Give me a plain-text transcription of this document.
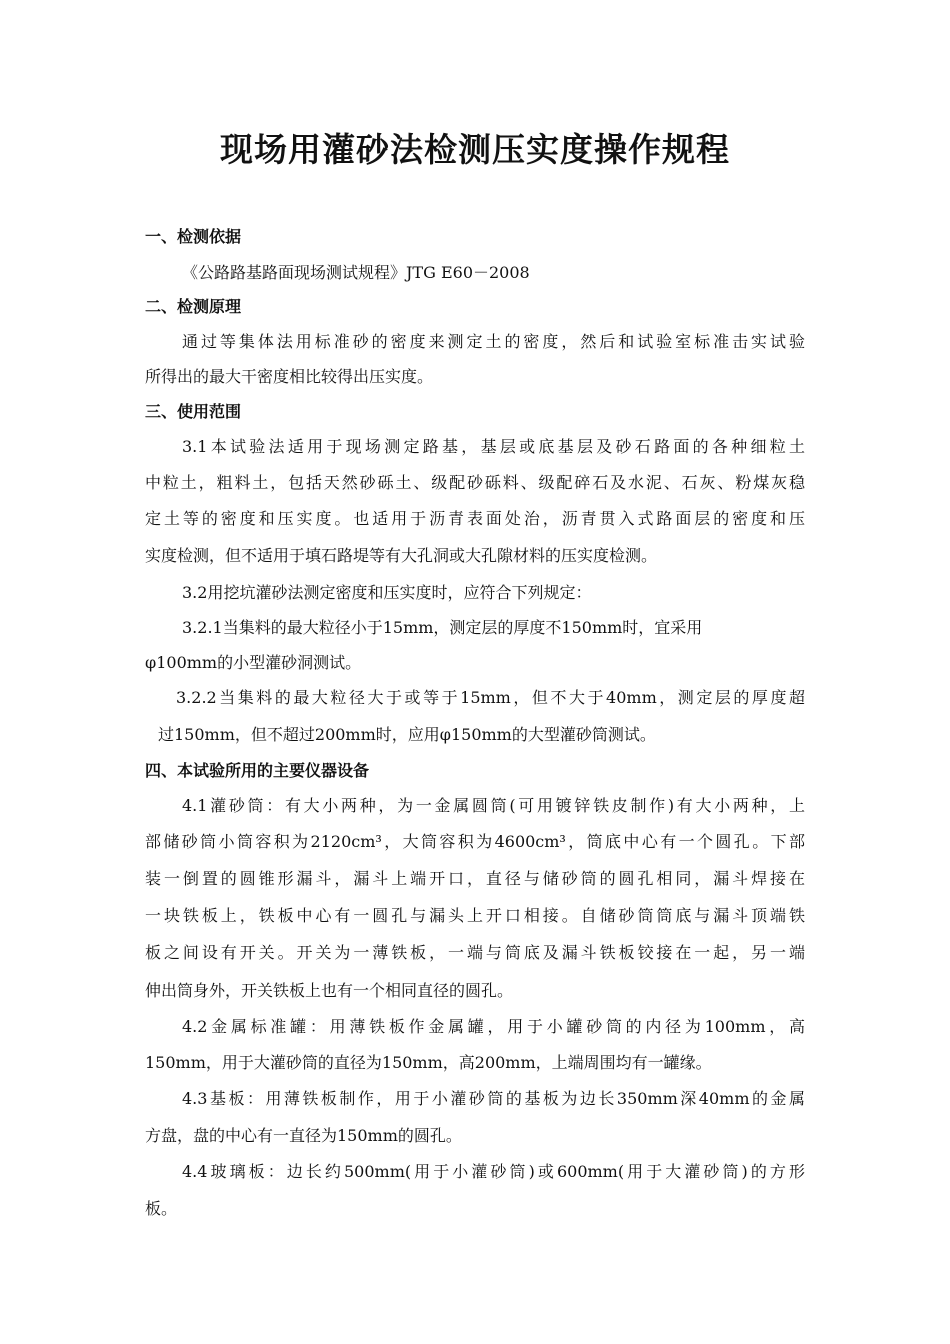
现场用灌砂法检测压实度操作规程
一、检测依据
《公路路基路面现场测试规程》JTG E60－2008
二、检测原理
通过等集体法用标准砂的密度来测定土的密度，然后和试验室标准击实试验
所得出的最大干密度相比较得出压实度。
三、使用范围
3.1本试验法适用于现场测定路基，基层或底基层及砂石路面的各种细粒土
中粒土，粗料土，包括天然砂砾土、级配砂砾料、级配碎石及水泥、石灰、粉煤灰稳
定土等的密度和压实度。也适用于沥青表面处治，沥青贯入式路面层的密度和压
实度检测，但不适用于填石路堤等有大孔洞或大孔隙材料的压实度检测。
3.2用挖坑灌砂法测定密度和压实度时，应符合下列规定：
3.2.1当集料的最大粒径小于15mm，测定层的厚度不150mm时，宜采用
φ100mm的小型灌砂洞测试。
3.2.2当集料的最大粒径大于或等于15mm，但不大于40mm，测定层的厚度超
过150mm，但不超过200mm时，应用φ150mm的大型灌砂筒测试。
四、本试验所用的主要仪器设备
4.1灌砂筒：有大小两种，为一金属圆筒(可用镀锌铁皮制作)有大小两种，上
部储砂筒小筒容积为2120cm³，大筒容积为4600cm³，筒底中心有一个圆孔。下部
装一倒置的圆锥形漏斗，漏斗上端开口，直径与储砂筒的圆孔相同，漏斗焊接在
一块铁板上，铁板中心有一圆孔与漏头上开口相接。自储砂筒筒底与漏斗顶端铁
板之间设有开关。开关为一薄铁板，一端与筒底及漏斗铁板铰接在一起，另一端
伸出筒身外，开关铁板上也有一个相同直径的圆孔。
4.2金属标准罐：用薄铁板作金属罐，用于小罐砂筒的内径为100mm，高
150mm，用于大灌砂筒的直径为150mm，高200mm，上端周围均有一罐缘。
4.3基板：用薄铁板制作，用于小灌砂筒的基板为边长350mm深40mm的金属
方盘，盘的中心有一直径为150mm的圆孔。
4.4玻璃板：边长约500mm(用于小灌砂筒)或600mm(用于大灌砂筒)的方形
板。
